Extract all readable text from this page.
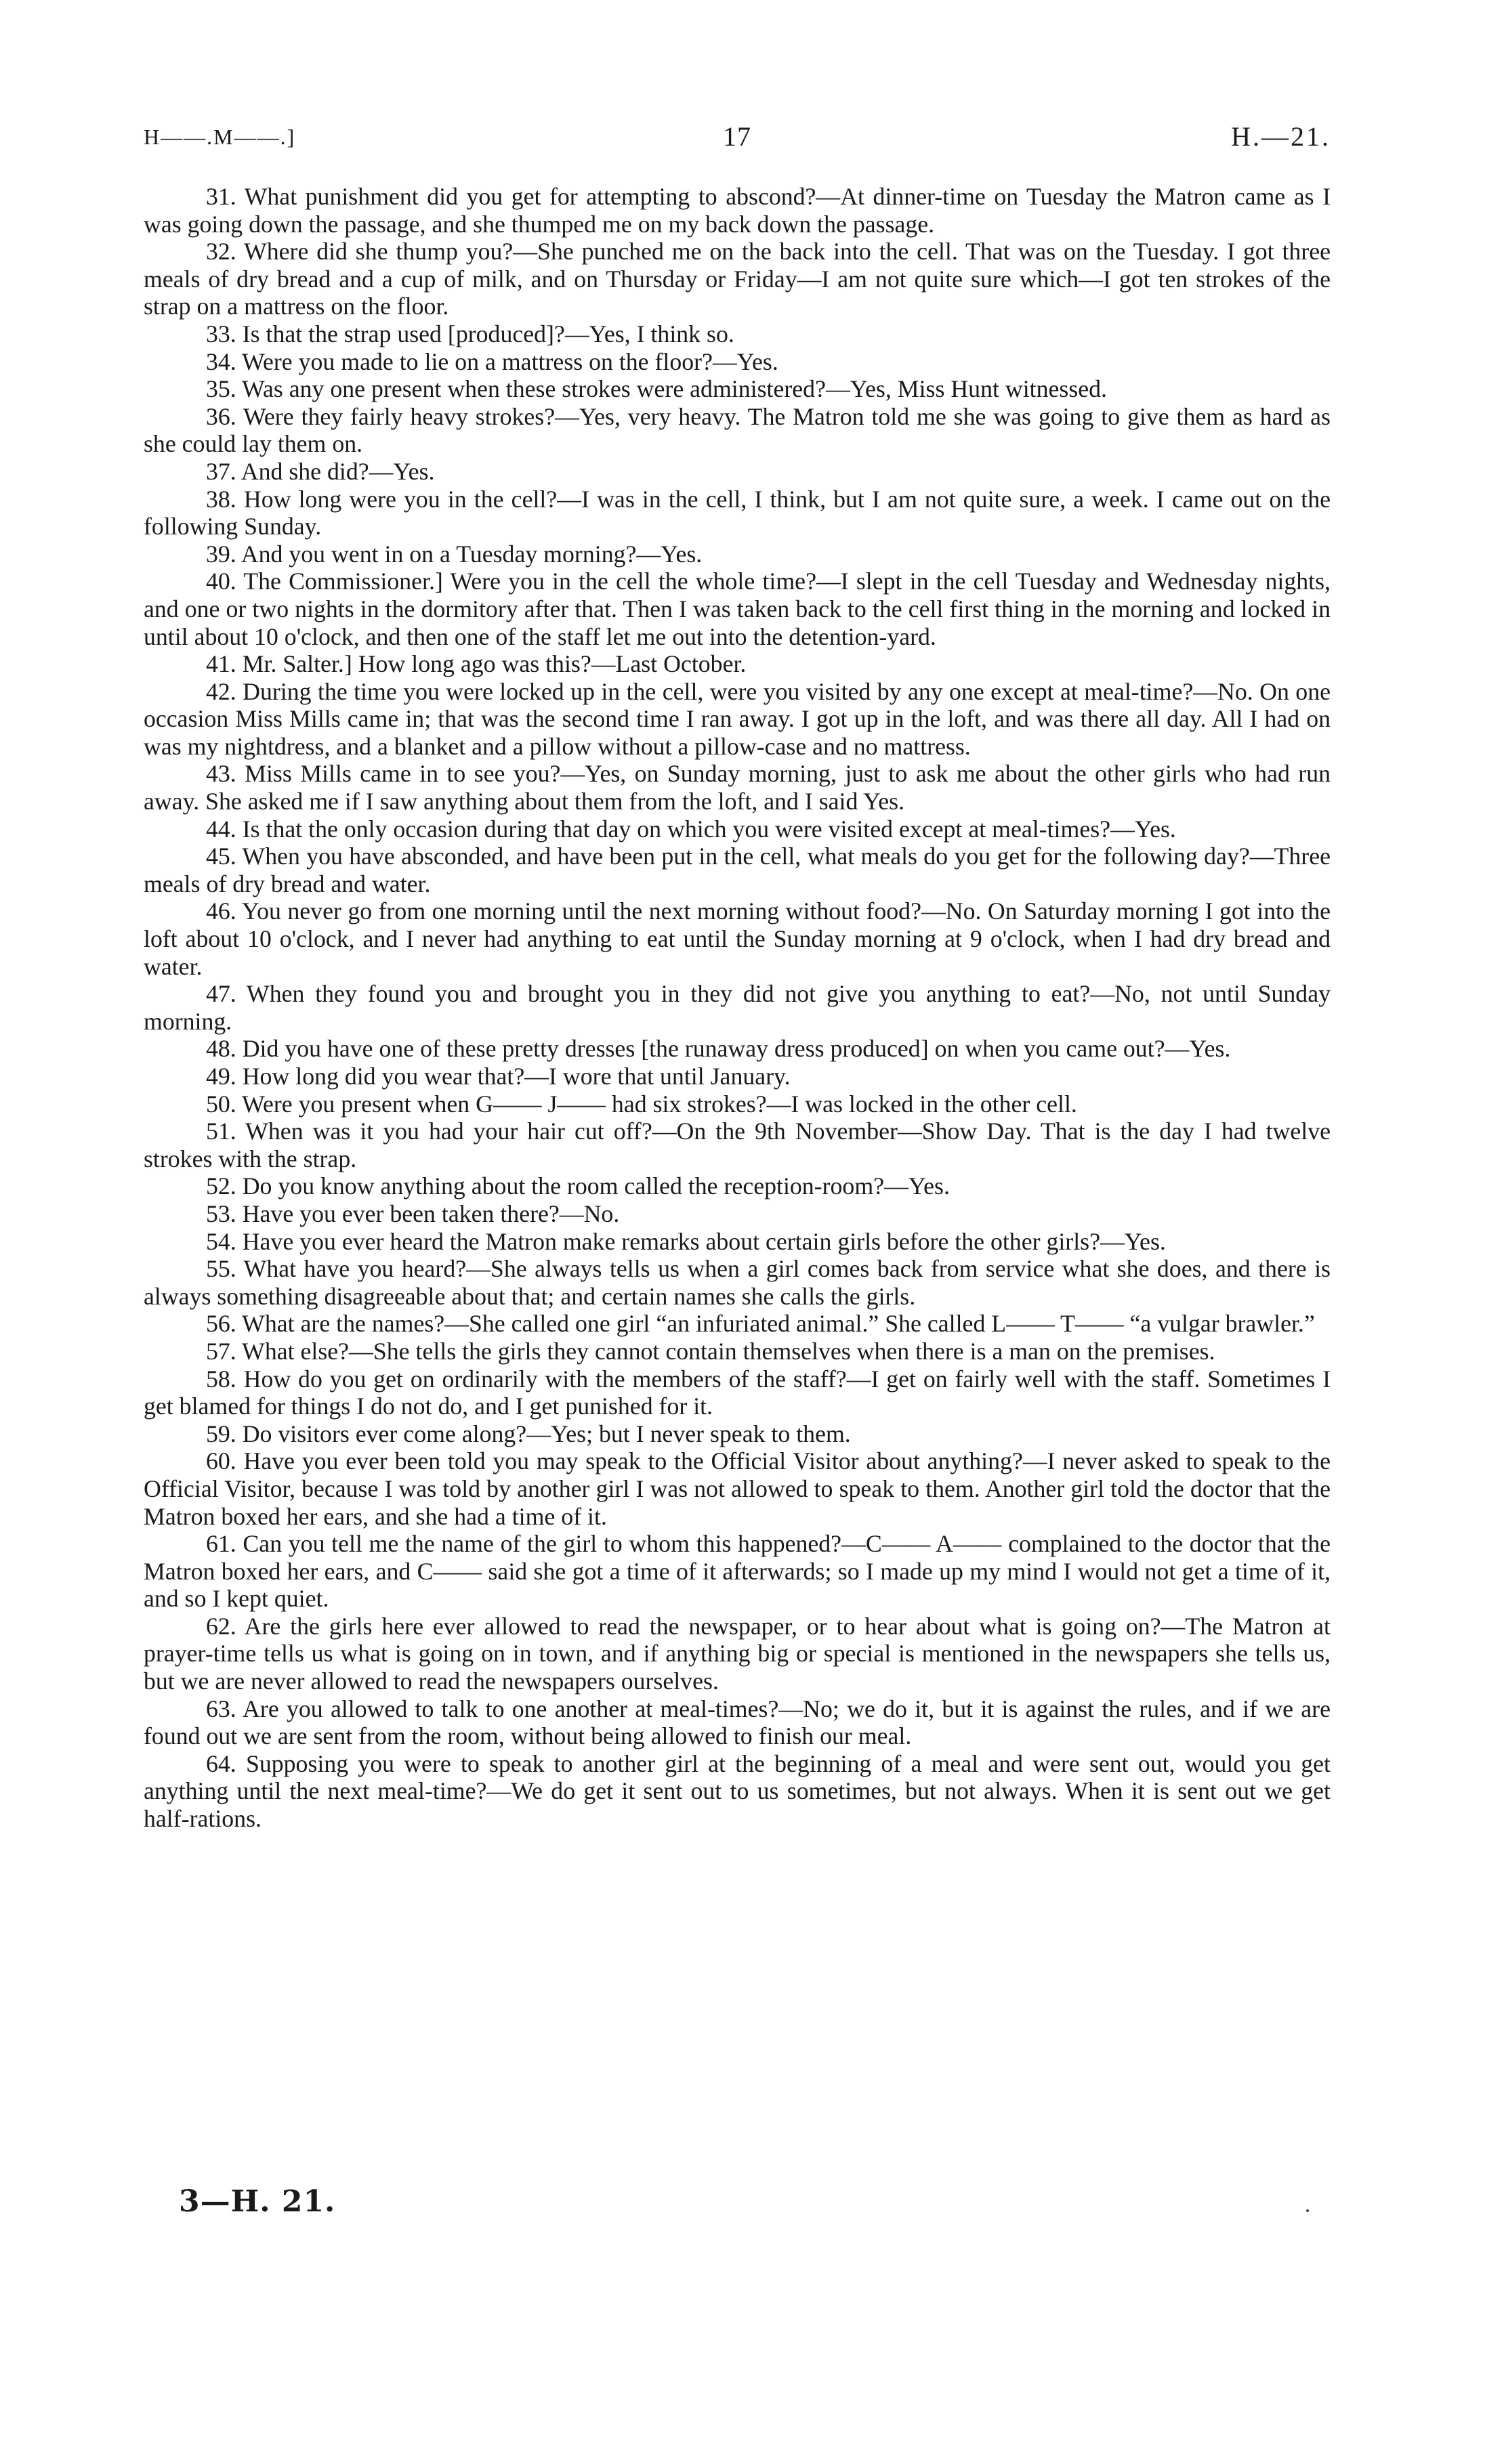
H——.M——.]	17	H.—21.

31. What punishment did you get for attempting to abscond?—At dinner-time on Tuesday the Matron came as I was going down the passage, and she thumped me on my back down the passage.

32. Where did she thump you?—She punched me on the back into the cell. That was on the Tuesday. I got three meals of dry bread and a cup of milk, and on Thursday or Friday—I am not quite sure which—I got ten strokes of the strap on a mattress on the floor.

33. Is that the strap used [produced]?—Yes, I think so.

34. Were you made to lie on a mattress on the floor?—Yes.

35. Was any one present when these strokes were administered?—Yes, Miss Hunt witnessed.

36. Were they fairly heavy strokes?—Yes, very heavy. The Matron told me she was going to give them as hard as she could lay them on.

37. And she did?—Yes.

38. How long were you in the cell?—I was in the cell, I think, but I am not quite sure, a week. I came out on the following Sunday.

39. And you went in on a Tuesday morning?—Yes.

40. The Commissioner.] Were you in the cell the whole time?—I slept in the cell Tuesday and Wednesday nights, and one or two nights in the dormitory after that. Then I was taken back to the cell first thing in the morning and locked in until about 10 o'clock, and then one of the staff let me out into the detention-yard.

41. Mr. Salter.] How long ago was this?—Last October.

42. During the time you were locked up in the cell, were you visited by any one except at meal-time?—No. On one occasion Miss Mills came in; that was the second time I ran away. I got up in the loft, and was there all day. All I had on was my nightdress, and a blanket and a pillow without a pillow-case and no mattress.

43. Miss Mills came in to see you?—Yes, on Sunday morning, just to ask me about the other girls who had run away. She asked me if I saw anything about them from the loft, and I said Yes.

44. Is that the only occasion during that day on which you were visited except at meal-times?—Yes.

45. When you have absconded, and have been put in the cell, what meals do you get for the following day?—Three meals of dry bread and water.

46. You never go from one morning until the next morning without food?—No. On Saturday morning I got into the loft about 10 o'clock, and I never had anything to eat until the Sunday morning at 9 o'clock, when I had dry bread and water.

47. When they found you and brought you in they did not give you anything to eat?—No, not until Sunday morning.

48. Did you have one of these pretty dresses [the runaway dress produced] on when you came out?—Yes.

49. How long did you wear that?—I wore that until January.

50. Were you present when G—— J—— had six strokes?—I was locked in the other cell.

51. When was it you had your hair cut off?—On the 9th November—Show Day. That is the day I had twelve strokes with the strap.

52. Do you know anything about the room called the reception-room?—Yes.

53. Have you ever been taken there?—No.

54. Have you ever heard the Matron make remarks about certain girls before the other girls?—Yes.

55. What have you heard?—She always tells us when a girl comes back from service what she does, and there is always something disagreeable about that; and certain names she calls the girls.

56. What are the names?—She called one girl “an infuriated animal.” She called L—— T—— “a vulgar brawler.”

57. What else?—She tells the girls they cannot contain themselves when there is a man on the premises.

58. How do you get on ordinarily with the members of the staff?—I get on fairly well with the staff. Sometimes I get blamed for things I do not do, and I get punished for it.

59. Do visitors ever come along?—Yes; but I never speak to them.

60. Have you ever been told you may speak to the Official Visitor about anything?—I never asked to speak to the Official Visitor, because I was told by another girl I was not allowed to speak to them. Another girl told the doctor that the Matron boxed her ears, and she had a time of it.

61. Can you tell me the name of the girl to whom this happened?—C—— A—— complained to the doctor that the Matron boxed her ears, and C—— said she got a time of it afterwards; so I made up my mind I would not get a time of it, and so I kept quiet.

62. Are the girls here ever allowed to read the newspaper, or to hear about what is going on?—The Matron at prayer-time tells us what is going on in town, and if anything big or special is mentioned in the newspapers she tells us, but we are never allowed to read the newspapers ourselves.

63. Are you allowed to talk to one another at meal-times?—No; we do it, but it is against the rules, and if we are found out we are sent from the room, without being allowed to finish our meal.

64. Supposing you were to speak to another girl at the beginning of a meal and were sent out, would you get anything until the next meal-time?—We do get it sent out to us sometimes, but not always. When it is sent out we get half-rations.

3—H. 21.
